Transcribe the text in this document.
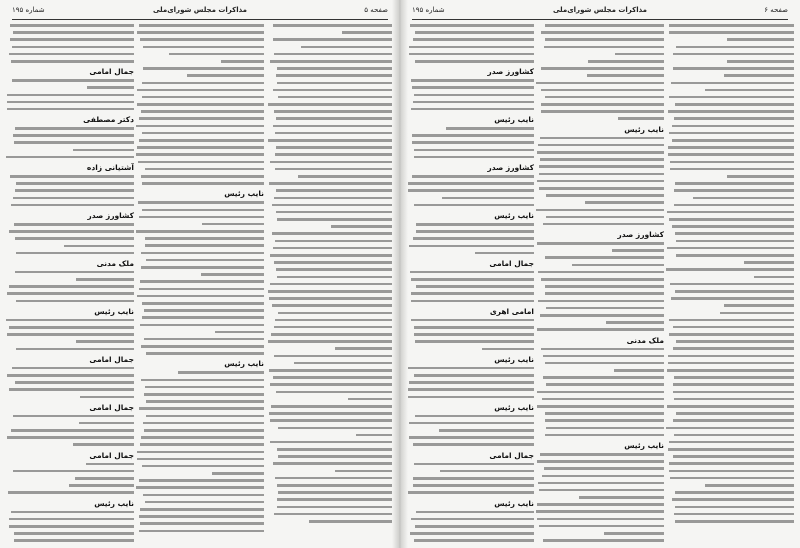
صفحه ۵
مذاکرات مجلس شورای‌ملی
شماره ۱۹۵
نایب رئیس
نایب رئیس
جمال امامی
دکتر مصطفی
آشتیانی زاده
کشاورز صدر
ملک مدنی
نایب رئیس
جمال امامی
جمال امامی
جمال امامی
نایب رئیس
صفحه ۶
مذاکرات مجلس شورای‌ملی
شماره ۱۹۵
نایب رئیس
کشاورز صدر
ملک مدنی
نایب رئیس
کشاورز صدر
نایب رئیس
کشاورز صدر
نایب رئیس
جمال امامی
امامی اهری
نایب رئیس
نایب رئیس
جمال امامی
نایب رئیس
